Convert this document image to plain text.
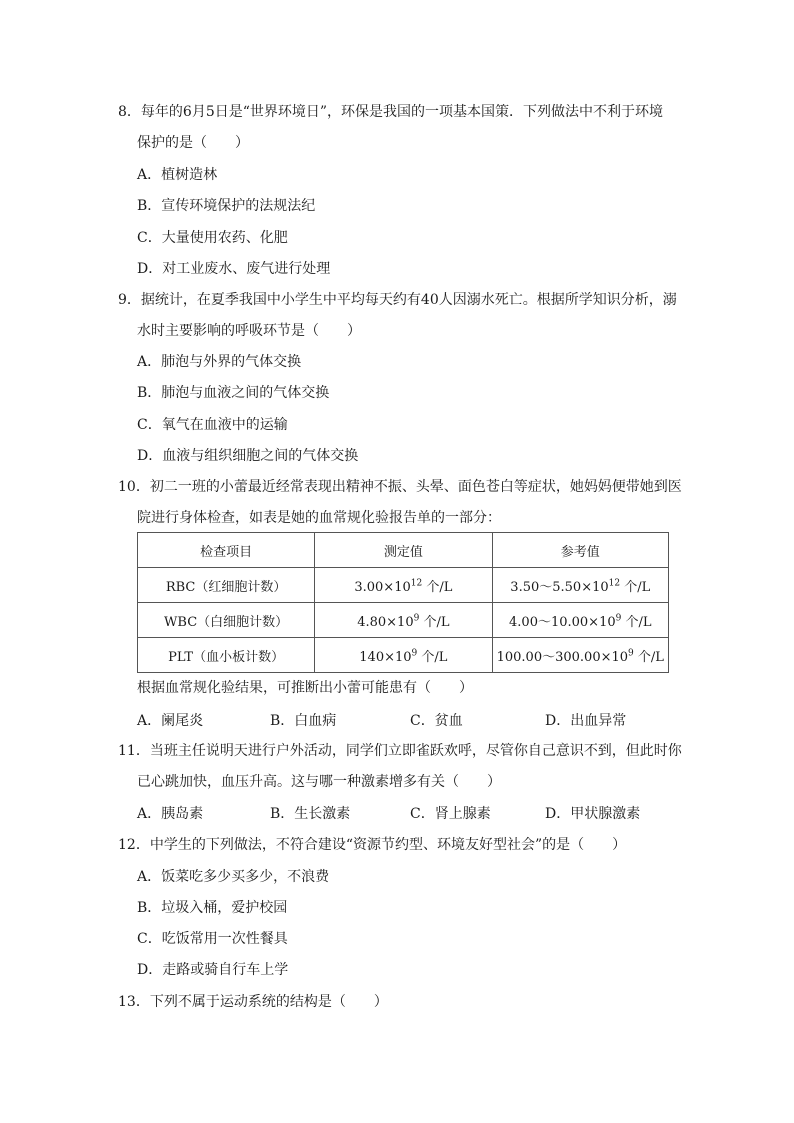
8．每年的6月5日是“世界环境日”，环保是我国的一项基本国策．下列做法中不利于环境
保护的是（　　）
A．植树造林
B．宣传环境保护的法规法纪
C．大量使用农药、化肥
D．对工业废水、废气进行处理
9．据统计，在夏季我国中小学生中平均每天约有40人因溺水死亡。根据所学知识分析，溺
水时主要影响的呼吸环节是（　　）
A．肺泡与外界的气体交换
B．肺泡与血液之间的气体交换
C．氧气在血液中的运输
D．血液与组织细胞之间的气体交换
10．初二一班的小蕾最近经常表现出精神不振、头晕、面色苍白等症状，她妈妈便带她到医
院进行身体检查，如表是她的血常规化验报告单的一部分：
检查项目	测定值	参考值
RBC（红细胞计数）	$3.00\times 10^{12}$ 个/L	$3.50\sim 5.50\times 10^{12}$ 个/L
WBC（白细胞计数）	$4.80\times 10^9$ 个/L	$4.00\sim 10.00\times 10^9$ 个/L
PLT（血小板计数）	$140\times 10^9$ 个/L	$100.00\sim 300.00\times 10^9$ 个/L
根据血常规化验结果，可推断出小蕾可能患有（　　）
A．阑尾炎	B．白血病	C．贫血	D．出血异常
11．当班主任说明天进行户外活动，同学们立即雀跃欢呼，尽管你自己意识不到，但此时你
已心跳加快，血压升高。这与哪一种激素增多有关（　　）
A．胰岛素	B．生长激素	C．肾上腺素	D．甲状腺激素
12．中学生的下列做法，不符合建设“资源节约型、环境友好型社会”的是（　　）
A．饭菜吃多少买多少，不浪费
B．垃圾入桶，爱护校园
C．吃饭常用一次性餐具
D．走路或骑自行车上学
13．下列不属于运动系统的结构是（　　）
